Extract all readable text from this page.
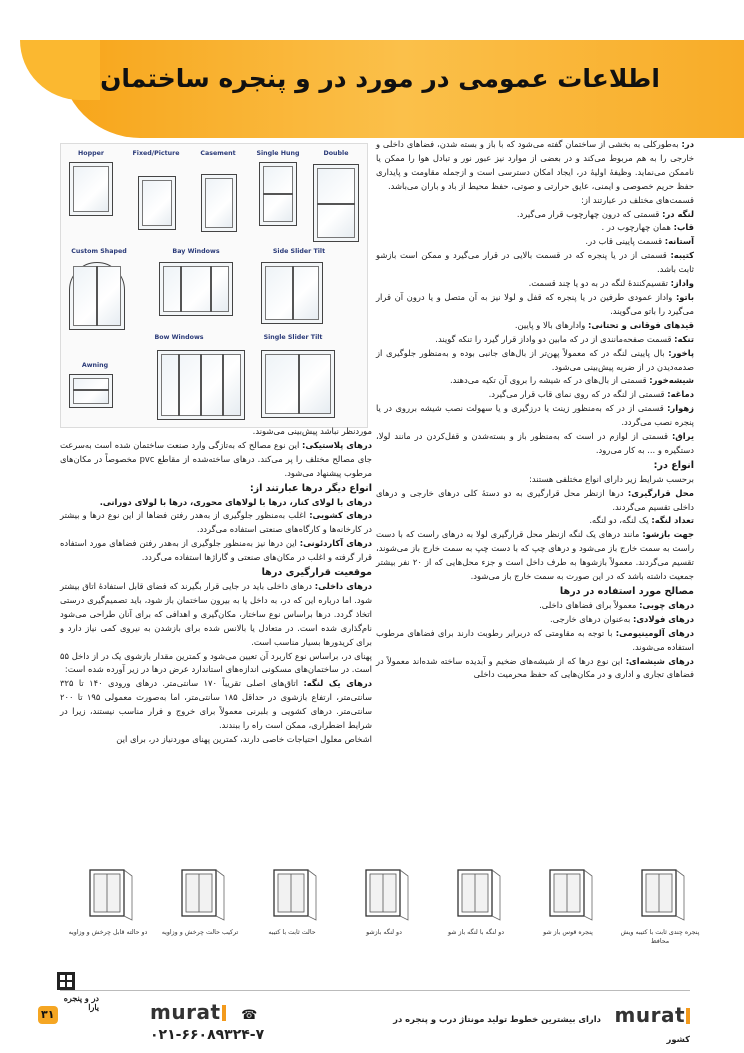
اطلاعات عمومی در مورد در و پنجره ساختمان
Hopper	Fixed/Picture	Casement	Single Hung	Double
Custom Shaped	Bay Windows	Side Slider Tilt
Bow Windows	Single Slider Tilt
Awning

در: به‌طورکلی به بخشی از ساختمان گفته می‌شود که با باز و بسته شدن، فضاهای داخلی و خارجی را به هم مربوط می‌کند و در بعضی از موارد نیز عبور نور و تبادل هوا را ممکن یا ناممکن می‌نماید. وظیفهٔ اولیهٔ در، ایجاد امکان دسترسی است و ازجمله مقاومت و پایداری حفظ حریم خصوصی و ایمنی، عایق حرارتی و صوتی، حفظ محیط از باد و باران می‌باشد.

قسمت‌های مختلف در عبارتند از:

لنگه در: قسمتی که درون چهارچوب قرار می‌گیرد.

قاب: همان چهارچوب در .

آستانه: قسمت پایینی قاب در.

کتیبه: قسمتی از در یا پنجره که در قسمت بالایی در قرار می‌گیرد و ممکن است بازشو ثابت باشد.

واداز: تقسیم‌کنندهٔ لنگه در به دو یا چند قسمت.

باتو: واداز عمودی طرفین در یا پنجره که قفل و لولا نیز به آن متصل و یا درون آن قرار می‌گیرد را باتو می‌گویند.

قیدهای فوقانی و تحتانی: وادارهای بالا و پایین.

تنکه: قسمت صفحه‌مانندی از در که مابین دو واداز قرار گیرد را تنکه گویند.

پاخور: بال پایینی لنگه در که معمولاً پهن‌تر از بال‌های جانبی بوده و به‌منظور جلوگیری از صدمه‌دیدن در از ضربه پیش‌بینی می‌شود.

شیشه‌خور: قسمتی از بال‌های در که شیشه را بروی آن تکیه می‌دهند.

دماغه: قسمتی از لنگه در که روی نمای قاب قرار می‌گیرد.

زهوار: قسمتی از در که به‌منظور زینت یا درزگیری و یا سهولت نصب شیشه برروی در یا پنجره نصب می‌گردد.

یراق: قسمتی از لوازم در است که به‌منظور باز و بسته‌شدن و قفل‌کردن در مانند لولا، دستگیره و ... به کار می‌رود.

انواع در:

برحسب شرایط زیر دارای انواع مختلفی هستند:

محل قرارگیری: درها ازنظر محل قرارگیری به دو دستهٔ کلی درهای خارجی و درهای داخلی تقسیم می‌گردند.

تعداد لنگه: یک لنگه، دو لنگه.

جهت بازشو: مانند درهای یک لنگه ازنظر محل قرارگیری لولا به درهای راست که با دست راست به سمت خارج باز می‌شود و درهای چپ که با دست چپ به سمت خارج باز می‌شوند، تقسیم می‌گردند. معمولاً بازشوها به طرف داخل است و جزء محل‌هایی که از ۲۰ نفر بیشتر جمعیت داشته باشد که در این صورت به سمت خارج باز می‌شود.

مصالح مورد استفاده در درها

درهای چوبی: معمولاً برای فضاهای داخلی.

درهای فولادی: به‌عنوان درهای خارجی.

درهای آلومینیومی: با توجه به مقاومتی که دربرابر رطوبت دارند برای فضاهای مرطوب استفاده می‌شوند.

درهای شیشه‌ای: این نوع درها که از شیشه‌های ضخیم و آبدیده ساخته شده‌اند معمولاً در فضاهای تجاری و اداری و در مکان‌هایی که حفظ محرمیت داخلی

موردنظر نباشد پیش‌بینی می‌شوند.

درهای پلاستیکی: این نوع مصالح که به‌تازگی وارد صنعت ساختمان شده است به‌سرعت جای مصالح مختلف را پر می‌کند. درهای ساخته‌شده از مقاطع pvc مخصوصاً در مکان‌های مرطوب پیشنهاد می‌شود.

انواع دیگر درها عبارتند از:

درهای با لولای کنار، درها با لولاهای محوری، درها با لولای دورانی.

درهای کشویی: اغلب به‌منظور جلوگیری از به‌هدر رفتن فضاها از این نوع درها و بیشتر در کارخانه‌ها و کارگاه‌های صنعتی استفاده می‌گردد.

درهای آکاردئونی: این درها نیز به‌منظور جلوگیری از به‌هدر رفتن فضاهای مورد استفاده قرار گرفته و اغلب در مکان‌های صنعتی و گاراژها استفاده می‌گردد.

موقعیت قرارگیری درها

درهای داخلی: درهای داخلی باید در جایی قرار بگیرند که فضای قابل استفادهٔ اتاق بیشتر شود. اما درباره این که در، به داخل یا به بیرون ساختمان باز شود، باید تصمیم‌گیری درستی اتخاذ گردد. درها براساس نوع ساختار، مکان‌گیری و اهدافی که برای آنان طراحی می‌شود نام‌گذاری شده است. در متعادل یا بالانس شده برای بازشدن به نیروی کمی نیاز دارد و برای کریدورها بسیار مناسب است.

پهنای در، براساس نوع کاربرد آن تعیین می‌شود و کمترین مقدار بازشوی یک در از داخل ۵۵ است. در ساختمان‌های مسکونی اندازه‌های استاندارد عرض درها در زیر آورده شده است:

درهای یک لنگه: اتاق‌های اصلی تقریباً ۱۷۰ سانتی‌متر. درهای ورودی ۱۴۰ تا ۳۲۵ سانتی‌متر، ارتفاع بازشوی در حداقل ۱۸۵ سانتی‌متر، اما به‌صورت معمولی ۱۹۵ تا ۲۰۰ سانتی‌متر. درهای کشویی و بلبرنی معمولاً برای خروج و فرار مناسب نیستند، زیرا در شرایط اضطراری، ممکن است راه را ببندند.

اشخاص معلول احتیاجات خاصی دارند، کمترین پهنای موردنیاز در، برای این

پنجره چندی ثابت با کتیبه ویش محافظ
پنجره قوس باز شو
دو لنگه با لنگه باز شو
دو لنگه بازشو
حالت ثابت با کتیبه
ترکیب حالت چرخش و وزاویه
دو حالته قابل چرخش و وزاویه
murat دارای بیشترین خطوط تولید مونتاژ درب و پنجره در کشور
murat ☎ ۰۲۱-۶۶۰۸۹۳۲۴-۷
۳۱
در و پنجره یارا
